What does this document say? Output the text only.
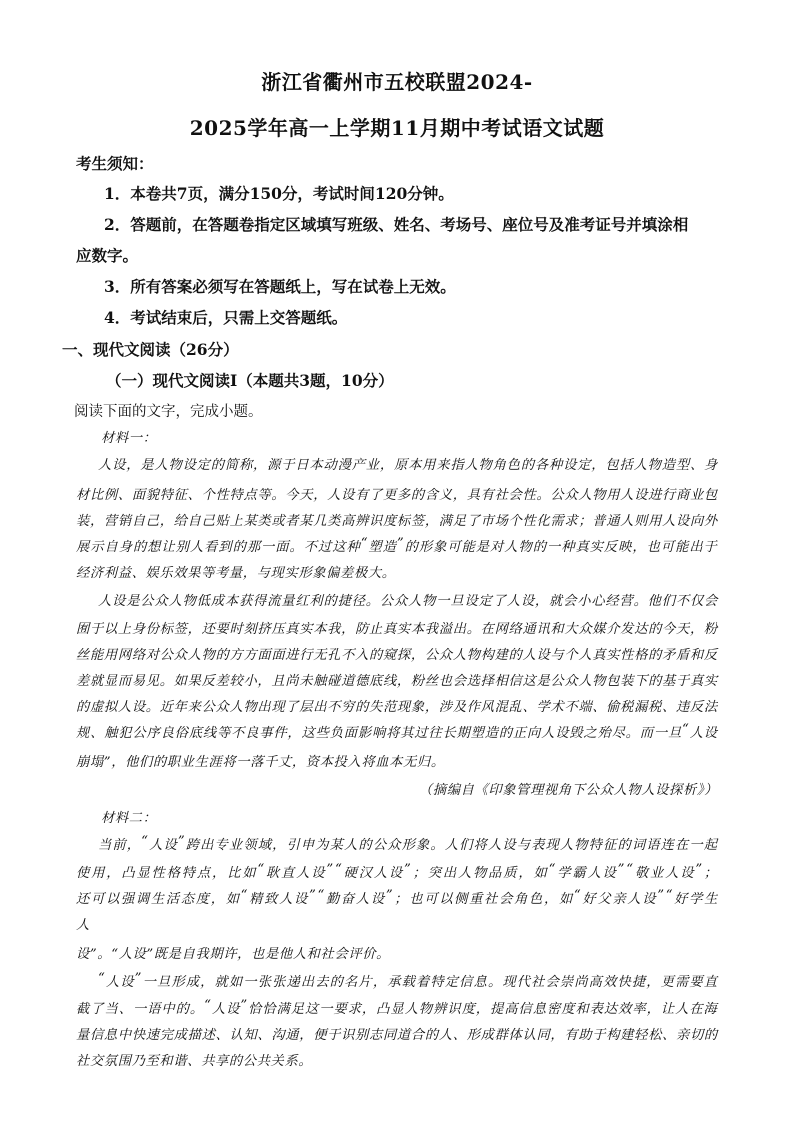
浙江省衢州市五校联盟2024-
2025学年高一上学期11月期中考试语文试题
考生须知：
1．本卷共7页，满分150分，考试时间120分钟。
2．答题前，在答题卷指定区域填写班级、姓名、考场号、座位号及准考证号并填涂相
应数字。
3．所有答案必须写在答题纸上，写在试卷上无效。
4．考试结束后，只需上交答题纸。
一、现代文阅读（26分）
（一）现代文阅读Ⅰ（本题共3题，10分）
阅读下面的文字，完成小题。
材料一：
人 设 ， 是 人 物 设 定 的 简 称 ， 源 于 日 本 动 漫 产 业 ， 原 本 用 来 指 人 物 角 色 的 各 种 设 定 ， 包 括 人 物 造 型 、 身
材 比 例 、 面 貌 特 征 、 个 性 特 点 等 。 今 天 ， 人 设 有 了 更 多 的 含 义 ， 具 有 社 会 性 。 公 众 人 物 用 人 设 进 行 商 业 包
装 ， 营 销 自 己 ， 给 自 己 贴 上 某 类 或 者 某 几 类 高 辨 识 度 标 签 ， 满 足 了 市 场 个 性 化 需 求 ； 普 通 人 则 用 人 设 向 外
展 示 自 身 的 想 让 别 人 看 到 的 那 一 面 。 不 过 这 种 “ 塑 造 ” 的 形 象 可 能 是 对 人 物 的 一 种 真 实 反 映 ， 也 可 能 出 于
经济利益、娱乐效果等考量，与现实形象偏差极大。
人 设 是 公 众 人 物 低 成 本 获 得 流 量 红 利 的 捷 径 。 公 众 人 物 一 旦 设 定 了 人 设 ， 就 会 小 心 经 营 。 他 们 不 仅 会
囿 于 以 上 身 份 标 签 ， 还 要 时 刻 挤 压 真 实 本 我 ， 防 止 真 实 本 我 溢 出 。 在 网 络 通 讯 和 大 众 媒 介 发 达 的 今 天 ， 粉
丝 能 用 网 络 对 公 众 人 物 的 方 方 面 面 进 行 无 孔 不 入 的 窥 探 ， 公 众 人 物 构 建 的 人 设 与 个 人 真 实 性 格 的 矛 盾 和 反
差 就 显 而 易 见 。 如 果 反 差 较 小 ， 且 尚 未 触 碰 道 德 底 线 ， 粉 丝 也 会 选 择 相 信 这 是 公 众 人 物 包 装 下 的 基 于 真 实
的 虚 拟 人 设 。 近 年 来 公 众 人 物 出 现 了 层 出 不 穷 的 失 范 现 象 ， 涉 及 作 风 混 乱 、 学 术 不 端 、 偷 税 漏 税 、 违 反 法
规 、 触 犯 公 序 良 俗 底 线 等 不 良 事 件 ， 这 些 负 面 影 响 将 其 过 往 长 期 塑 造 的 正 向 人 设 毁 之 殆 尽 。 而 一 旦 “ 人 设
崩塌”，他们的职业生涯将一落千丈，资本投入将血本无归。
（摘编自《印象管理视角下公众人物人设探析》）
材料二：
当 前 ， “ 人 设 ” 跨 出 专 业 领 域 ， 引 申 为 某 人 的 公 众 形 象 。 人 们 将 人 设 与 表 现 人 物 特 征 的 词 语 连 在 一 起
使 用 ， 凸 显 性 格 特 点 ， 比 如 “ 耿 直 人 设 ” “ 硬 汉 人 设 ” ； 突 出 人 物 品 质 ， 如 “ 学 霸 人 设 ” “ 敬 业 人 设 ” ；
还 可 以 强 调 生 活 态 度 ， 如 “ 精 致 人 设 ” “ 勤 奋 人 设 ” ； 也 可 以 侧 重 社 会 角 色 ， 如 “ 好 父 亲 人 设 ” “ 好 学 生
人
设”。“人设”既是自我期许，也是他人和社会评价。
“ 人 设 ” 一 旦 形 成 ， 就 如 一 张 张 递 出 去 的 名 片 ， 承 载 着 特 定 信 息 。 现 代 社 会 崇 尚 高 效 快 捷 ， 更 需 要 直
截 了 当 、 一 语 中 的 。 “ 人 设 ” 恰 恰 满 足 这 一 要 求 ， 凸 显 人 物 辨 识 度 ， 提 高 信 息 密 度 和 表 达 效 率 ， 让 人 在 海
量 信 息 中 快 速 完 成 描 述 、 认 知 、 沟 通 ， 便 于 识 别 志 同 道 合 的 人 、 形 成 群 体 认 同 ， 有 助 于 构 建 轻 松 、 亲 切 的
社交氛围乃至和谐、共享的公共关系。
